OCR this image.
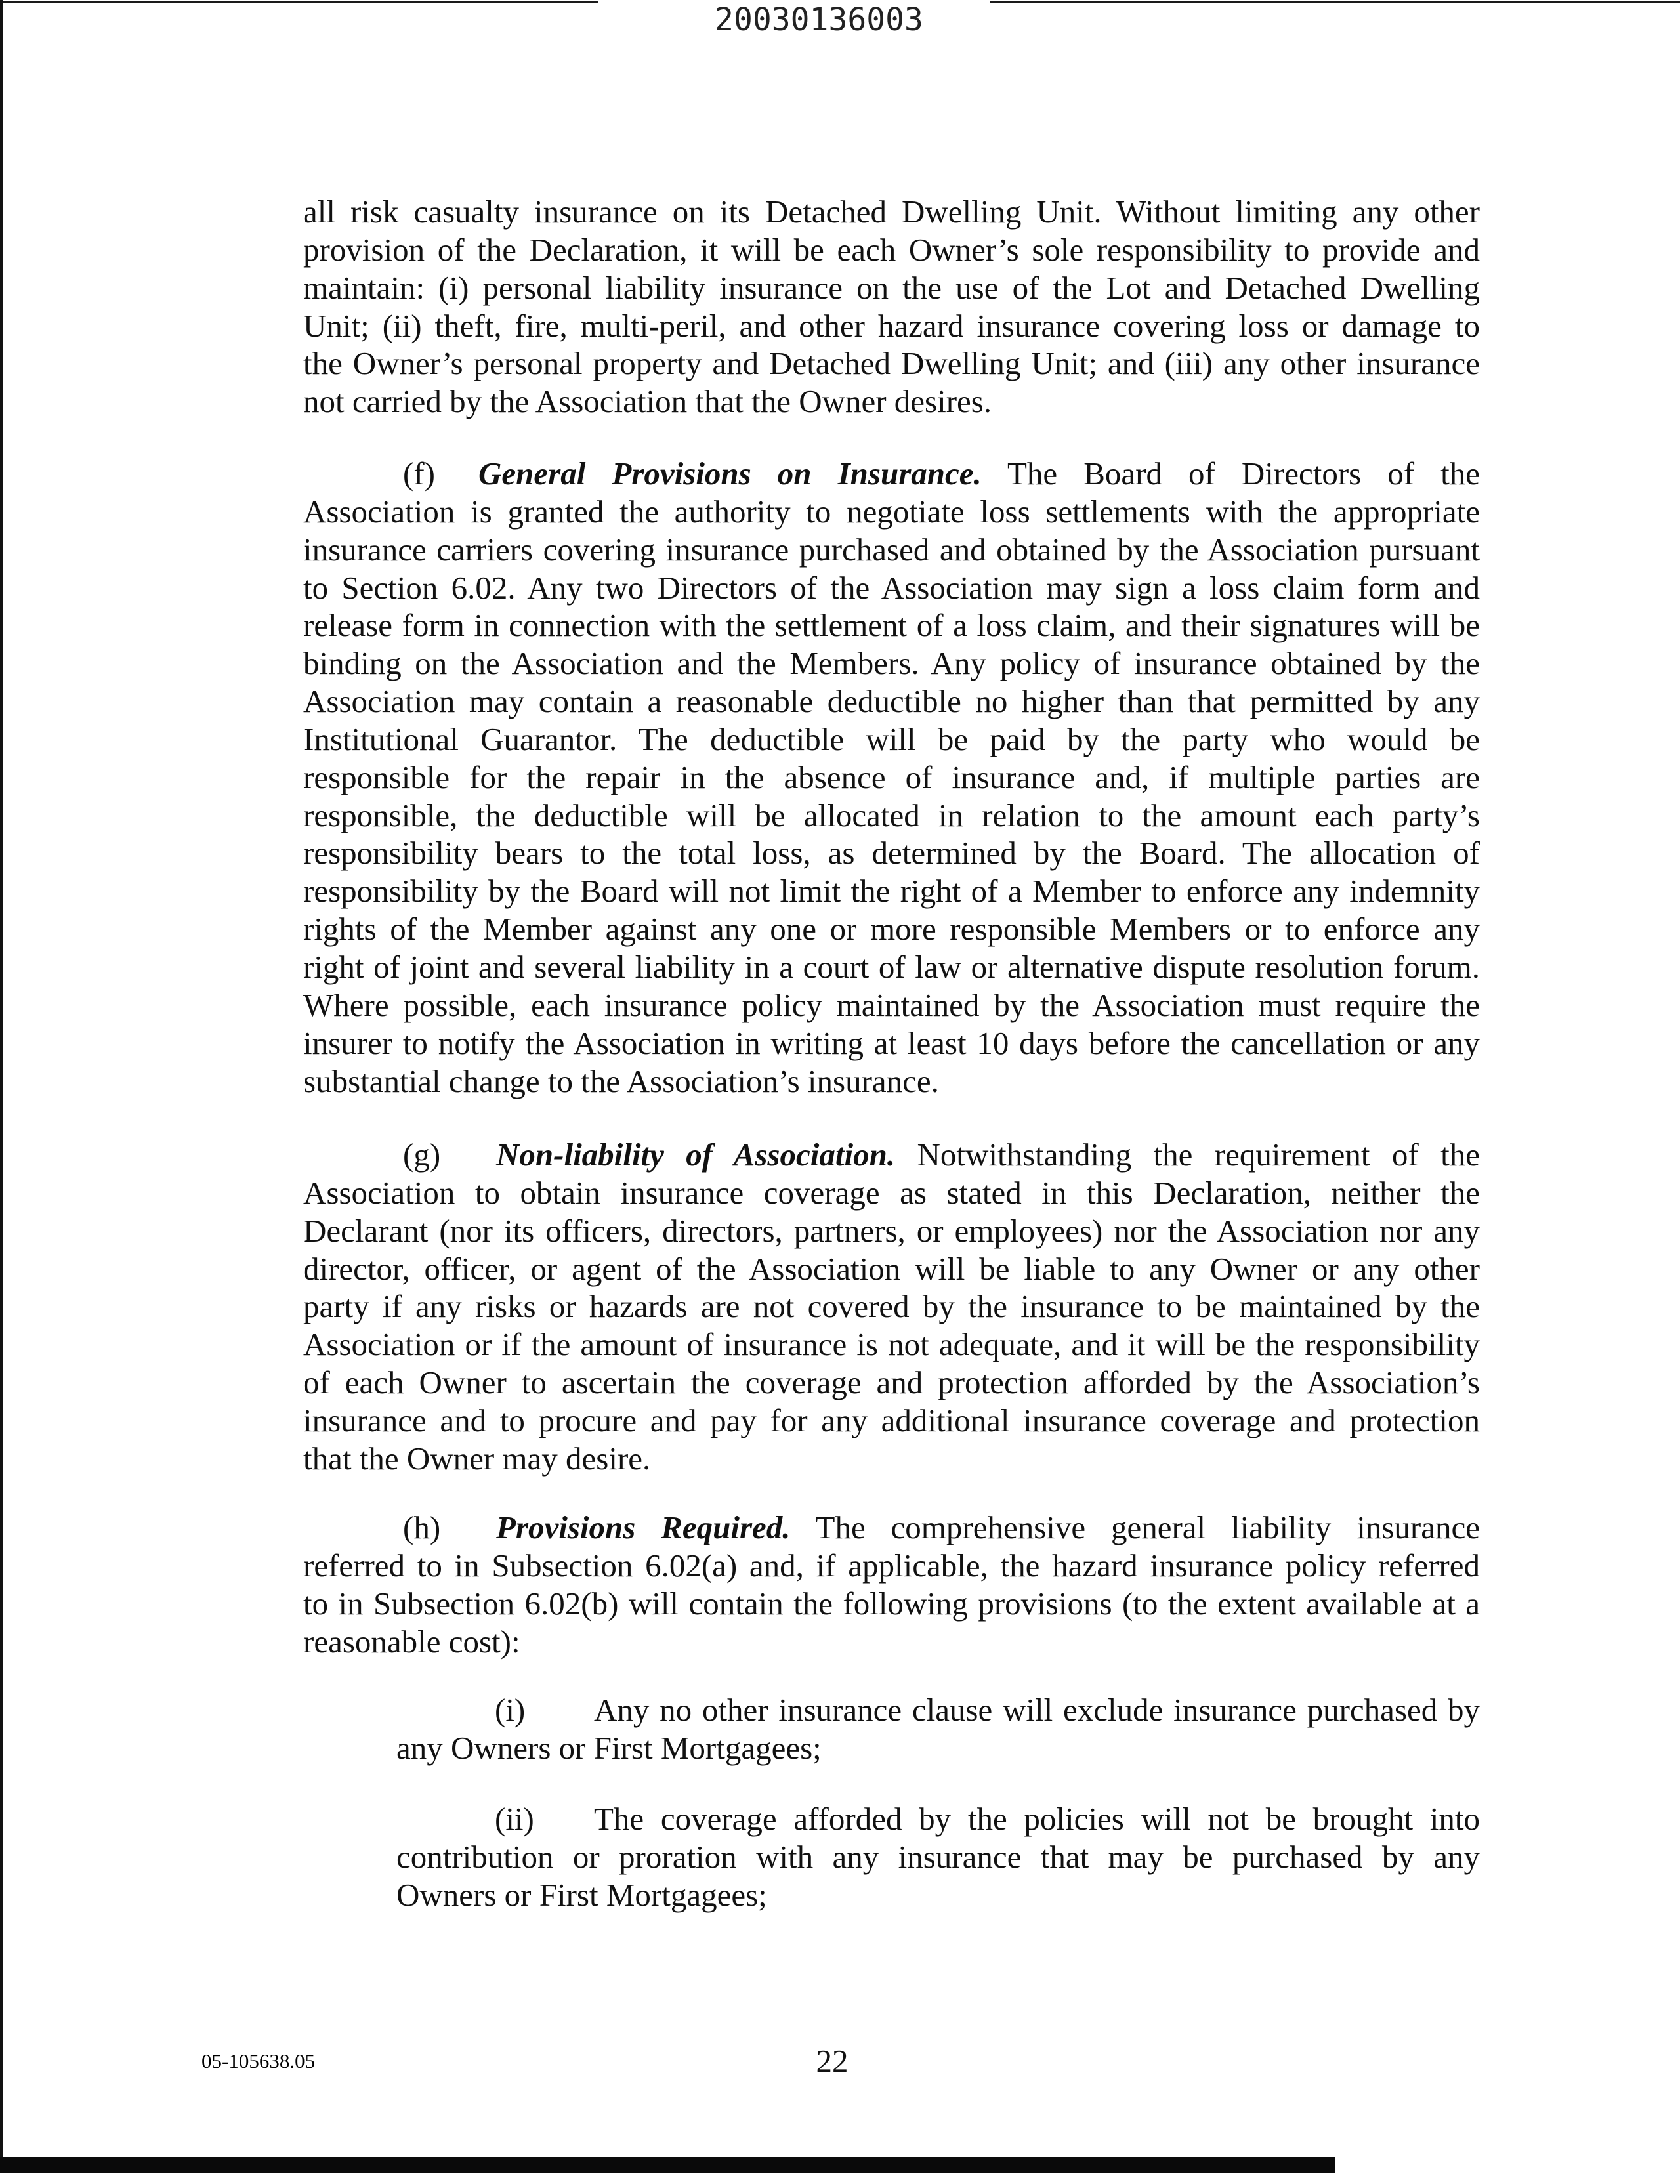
20030136003
all risk casualty insurance on its Detached Dwelling Unit. Without limiting any other
provision of the Declaration, it will be each Owner’s sole responsibility to provide and
maintain: (i) personal liability insurance on the use of the Lot and Detached Dwelling
Unit; (ii) theft, fire, multi-peril, and other hazard insurance covering loss or damage to
the Owner’s personal property and Detached Dwelling Unit; and (iii) any other insurance
not carried by the Association that the Owner desires.
(f) General Provisions on Insurance. The Board of Directors of the
Association is granted the authority to negotiate loss settlements with the appropriate
insurance carriers covering insurance purchased and obtained by the Association pursuant
to Section 6.02. Any two Directors of the Association may sign a loss claim form and
release form in connection with the settlement of a loss claim, and their signatures will be
binding on the Association and the Members. Any policy of insurance obtained by the
Association may contain a reasonable deductible no higher than that permitted by any
Institutional Guarantor. The deductible will be paid by the party who would be
responsible for the repair in the absence of insurance and, if multiple parties are
responsible, the deductible will be allocated in relation to the amount each party’s
responsibility bears to the total loss, as determined by the Board. The allocation of
responsibility by the Board will not limit the right of a Member to enforce any indemnity
rights of the Member against any one or more responsible Members or to enforce any
right of joint and several liability in a court of law or alternative dispute resolution forum.
Where possible, each insurance policy maintained by the Association must require the
insurer to notify the Association in writing at least 10 days before the cancellation or any
substantial change to the Association’s insurance.
(g) Non-liability of Association. Notwithstanding the requirement of the
Association to obtain insurance coverage as stated in this Declaration, neither the
Declarant (nor its officers, directors, partners, or employees) nor the Association nor any
director, officer, or agent of the Association will be liable to any Owner or any other
party if any risks or hazards are not covered by the insurance to be maintained by the
Association or if the amount of insurance is not adequate, and it will be the responsibility
of each Owner to ascertain the coverage and protection afforded by the Association’s
insurance and to procure and pay for any additional insurance coverage and protection
that the Owner may desire.
(h) Provisions Required. The comprehensive general liability insurance
referred to in Subsection 6.02(a) and, if applicable, the hazard insurance policy referred
to in Subsection 6.02(b) will contain the following provisions (to the extent available at a
reasonable cost):
(i) Any no other insurance clause will exclude insurance purchased by
any Owners or First Mortgagees;
(ii) The coverage afforded by the policies will not be brought into
contribution or proration with any insurance that may be purchased by any
Owners or First Mortgagees;
05-105638.05	22
